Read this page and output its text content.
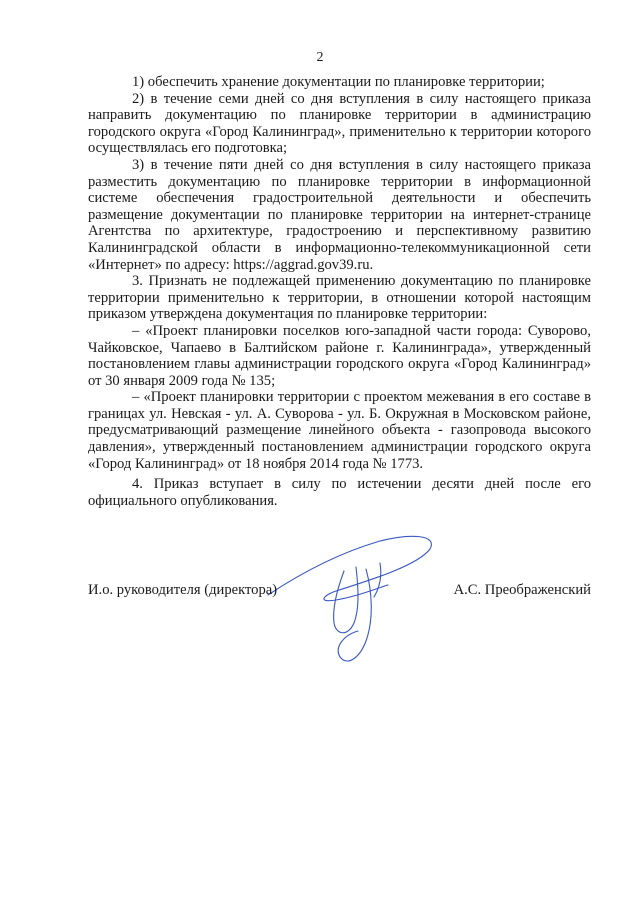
2

1) обеспечить хранение документации по планировке территории;

2) в течение семи дней со дня вступления в силу настоящего приказа направить документацию по планировке территории в администрацию городского округа «Город Калининград», применительно к территории которого осуществлялась его подготовка;

3) в течение пяти дней со дня вступления в силу настоящего приказа разместить документацию по планировке территории в информационной системе обеспечения градостроительной деятельности и обеспечить размещение документации по планировке территории на интернет-странице Агентства по архитектуре, градостроению и перспективному развитию Калининградской области в информационно-телекоммуникационной сети «Интернет» по адресу: https://aggrad.gov39.ru.

3. Признать не подлежащей применению документацию по планировке территории применительно к территории, в отношении которой настоящим приказом утверждена документация по планировке территории:

– «Проект планировки поселков юго-западной части города: Суворово, Чайковское, Чапаево в Балтийском районе г. Калининграда», утвержденный постановлением главы администрации городского округа «Город Калининград» от 30 января 2009 года № 135;

– «Проект планировки территории с проектом межевания в его составе в границах ул. Невская - ул. А. Суворова - ул. Б. Окружная в Московском районе, предусматривающий размещение линейного объекта - газопровода высокого давления», утвержденный постановлением администрации городского округа «Город Калининград» от 18 ноября 2014 года № 1773.

4. Приказ вступает в силу по истечении десяти дней после его официального опубликования.

И.о. руководителя (директора)	А.С. Преображенский
